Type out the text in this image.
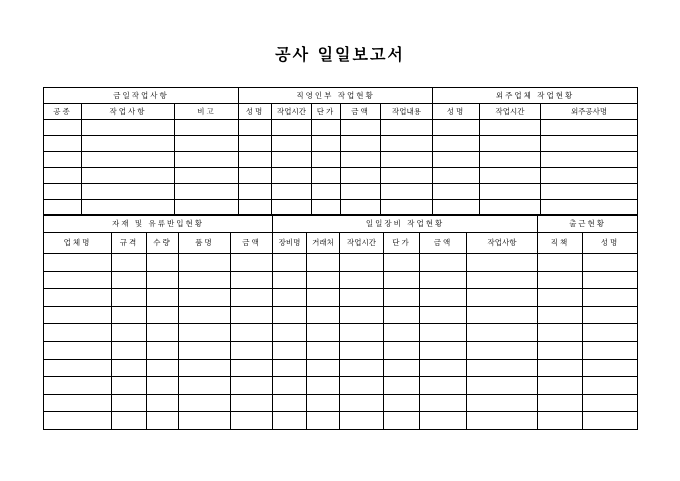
공사 일일보고서
금일작업사항			직영인부 작업현황					외주업체 작업현황		
공종	작업사항	비고	성명	작업시간	단가	금액	작업내용	성명	작업시간	외주공사명

자재 및 유류반입현황					일일장비 작업현황						출근현황	
업체명	규격	수량	품명	금액	장비명	거래처	작업시간	단가	금액	작업사항	직책	성명
